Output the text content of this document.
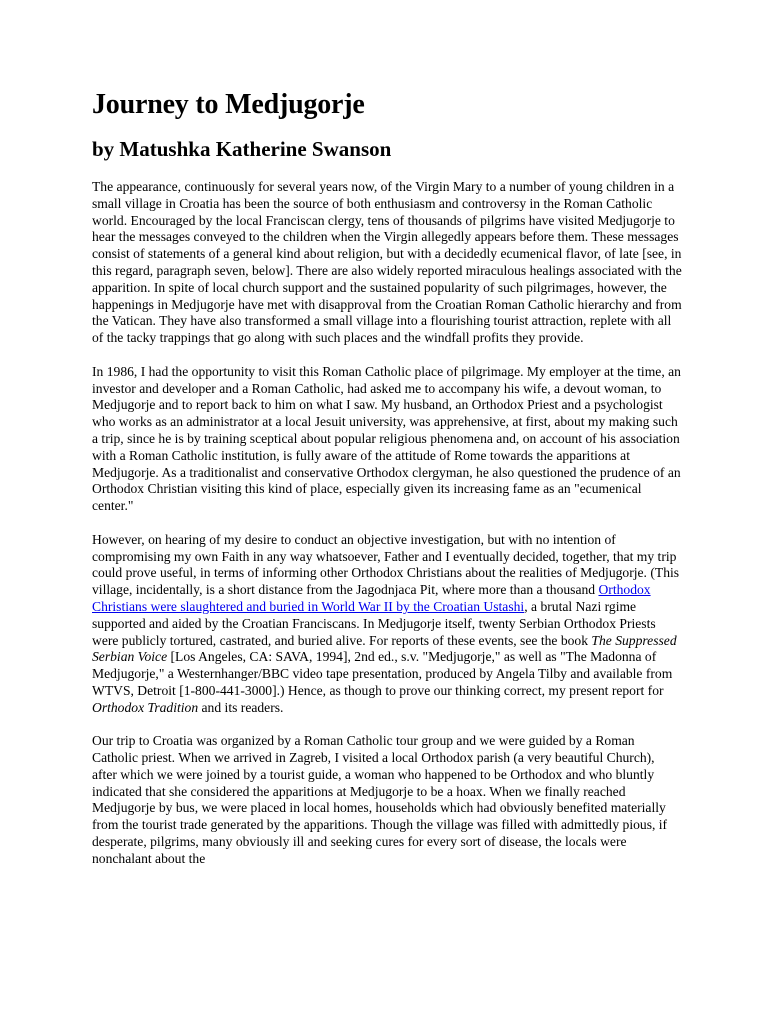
Journey to Medjugorje
by Matushka Katherine Swanson

The appearance, continuously for several years now, of the Virgin Mary to a number of young children in a small village in Croatia has been the source of both enthusiasm and controversy in the Roman Catholic world. Encouraged by the local Franciscan clergy, tens of thousands of pilgrims have visited Medjugorje to hear the messages conveyed to the children when the Virgin allegedly appears before them. These messages consist of statements of a general kind about religion, but with a decidedly ecumenical flavor, of late [see, in this regard, paragraph seven, below]. There are also widely reported miraculous healings associated with the apparition. In spite of local church support and the sustained popularity of such pilgrimages, however, the happenings in Medjugorje have met with disapproval from the Croatian Roman Catholic hierarchy and from the Vatican. They have also transformed a small village into a flourishing tourist attraction, replete with all of the tacky trappings that go along with such places and the windfall profits they provide.

In 1986, I had the opportunity to visit this Roman Catholic place of pilgrimage. My employer at the time, an investor and developer and a Roman Catholic, had asked me to accompany his wife, a devout woman, to Medjugorje and to report back to him on what I saw. My husband, an Orthodox Priest and a psychologist who works as an administrator at a local Jesuit university, was apprehensive, at first, about my making such a trip, since he is by training sceptical about popular religious phenomena and, on account of his association with a Roman Catholic institution, is fully aware of the attitude of Rome towards the apparitions at Medjugorje. As a traditionalist and conservative Orthodox clergyman, he also questioned the prudence of an Orthodox Christian visiting this kind of place, especially given its increasing fame as an "ecumenical center."

However, on hearing of my desire to conduct an objective investigation, but with no intention of compromising my own Faith in any way whatsoever, Father and I eventually decided, together, that my trip could prove useful, in terms of informing other Orthodox Christians about the realities of Medjugorje. (This village, incidentally, is a short distance from the Jagodnjaca Pit, where more than a thousand Orthodox Christians were slaughtered and buried in World War II by the Croatian Ustashi, a brutal Nazi rgime supported and aided by the Croatian Franciscans. In Medjugorje itself, twenty Serbian Orthodox Priests were publicly tortured, castrated, and buried alive. For reports of these events, see the book The Suppressed Serbian Voice [Los Angeles, CA: SAVA, 1994], 2nd ed., s.v. "Medjugorje," as well as "The Madonna of Medjugorje," a Westernhanger/BBC video tape presentation, produced by Angela Tilby and available from WTVS, Detroit [1-800-441-3000].) Hence, as though to prove our thinking correct, my present report for Orthodox Tradition and its readers.

Our trip to Croatia was organized by a Roman Catholic tour group and we were guided by a Roman Catholic priest. When we arrived in Zagreb, I visited a local Orthodox parish (a very beautiful Church), after which we were joined by a tourist guide, a woman who happened to be Orthodox and who bluntly indicated that she considered the apparitions at Medjugorje to be a hoax. When we finally reached Medjugorje by bus, we were placed in local homes, households which had obviously benefited materially from the tourist trade generated by the apparitions. Though the village was filled with admittedly pious, if desperate, pilgrims, many obviously ill and seeking cures for every sort of disease, the locals were nonchalant about the
